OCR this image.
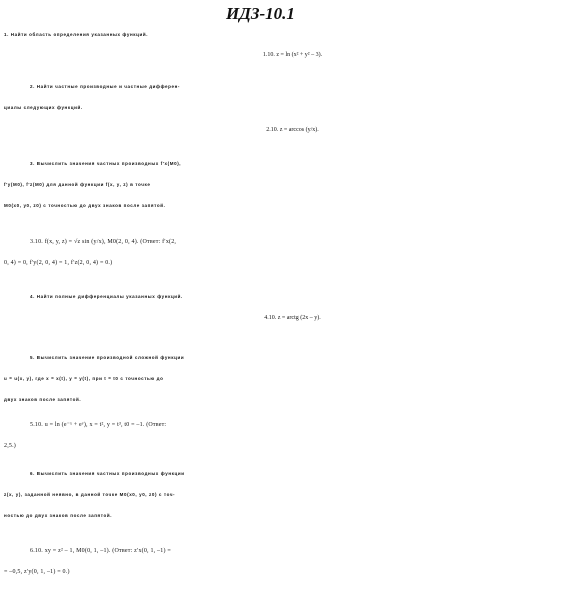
ИДЗ-10.1
1. Найти область определения указанных функций.
1.10. z = ln (x² + y² – 3).
2. Найти частные производные и частные дифферен-
циалы следующих функций.
2.10. z = arccos (y/x).
3. Вычислить значения частных производных f′x(M0),
f′y(M0), f′z(M0) для данной функции f(x, y, z) в точке
M0(x0, y0, z0) с точностью до двух знаков после запятой.
3.10. f(x, y, z) = √z sin (y/x), M0(2, 0, 4). (Ответ: f′x(2,
0, 4) = 0, f′y(2, 0, 4) = 1, f′z(2, 0, 4) = 0.)
4. Найти полные дифференциалы указанных функций.
4.10. z = arctg (2x – y).
5. Вычислить значение производной сложной функции
u = u(x, y), где x = x(t), y = y(t), при t = t0 с точностью до
двух знаков после запятой.
5.10. u = ln (e⁻ˣ + eʸ), x = t², y = t³, t0 = –1. (Ответ:
2,5.)
6. Вычислить значения частных производных функции
z(x, y), заданной неявно, в данной точке M0(x0, y0, z0) с точ-
ностью до двух знаков после запятой.
6.10. xy = z² – 1, M0(0, 1, –1). (Ответ: z′x(0, 1, –1) =
= –0,5, z′y(0, 1, –1) = 0.)
